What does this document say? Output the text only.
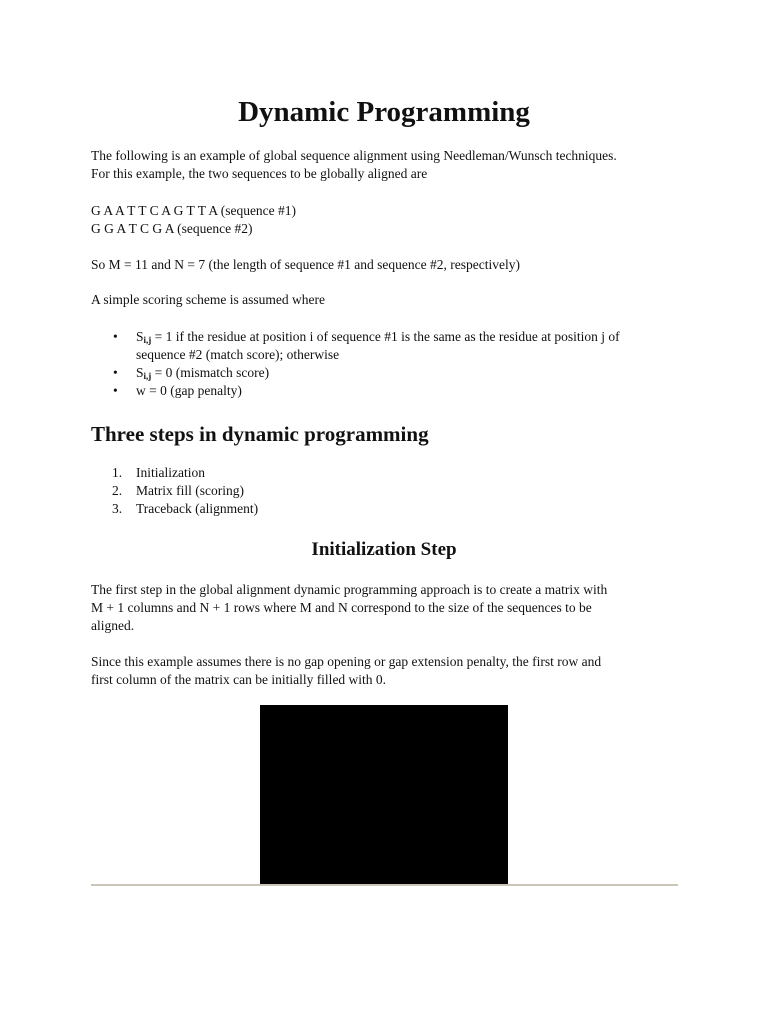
Dynamic Programming

The following is an example of global sequence alignment using Needleman/Wunsch techniques.
For this example, the two sequences to be globally aligned are

G A A T T C A G T T A (sequence #1)
G G A T C G A (sequence #2)

So M = 11 and N = 7 (the length of sequence #1 and sequence #2, respectively)

A simple scoring scheme is assumed where

• $S_{i,j} = 1$ if the residue at position i of sequence #1 is the same as the residue at position j of
sequence #2 (match score); otherwise
• $S_{i,j} = 0$ (mismatch score)
• w = 0 (gap penalty)
Three steps in dynamic programming
1. Initialization
2. Matrix fill (scoring)
3. Traceback (alignment)
Initialization Step

The first step in the global alignment dynamic programming approach is to create a matrix with
M + 1 columns and N + 1 rows where M and N correspond to the size of the sequences to be
aligned.

Since this example assumes there is no gap opening or gap extension penalty, the first row and
first column of the matrix can be initially filled with 0.
